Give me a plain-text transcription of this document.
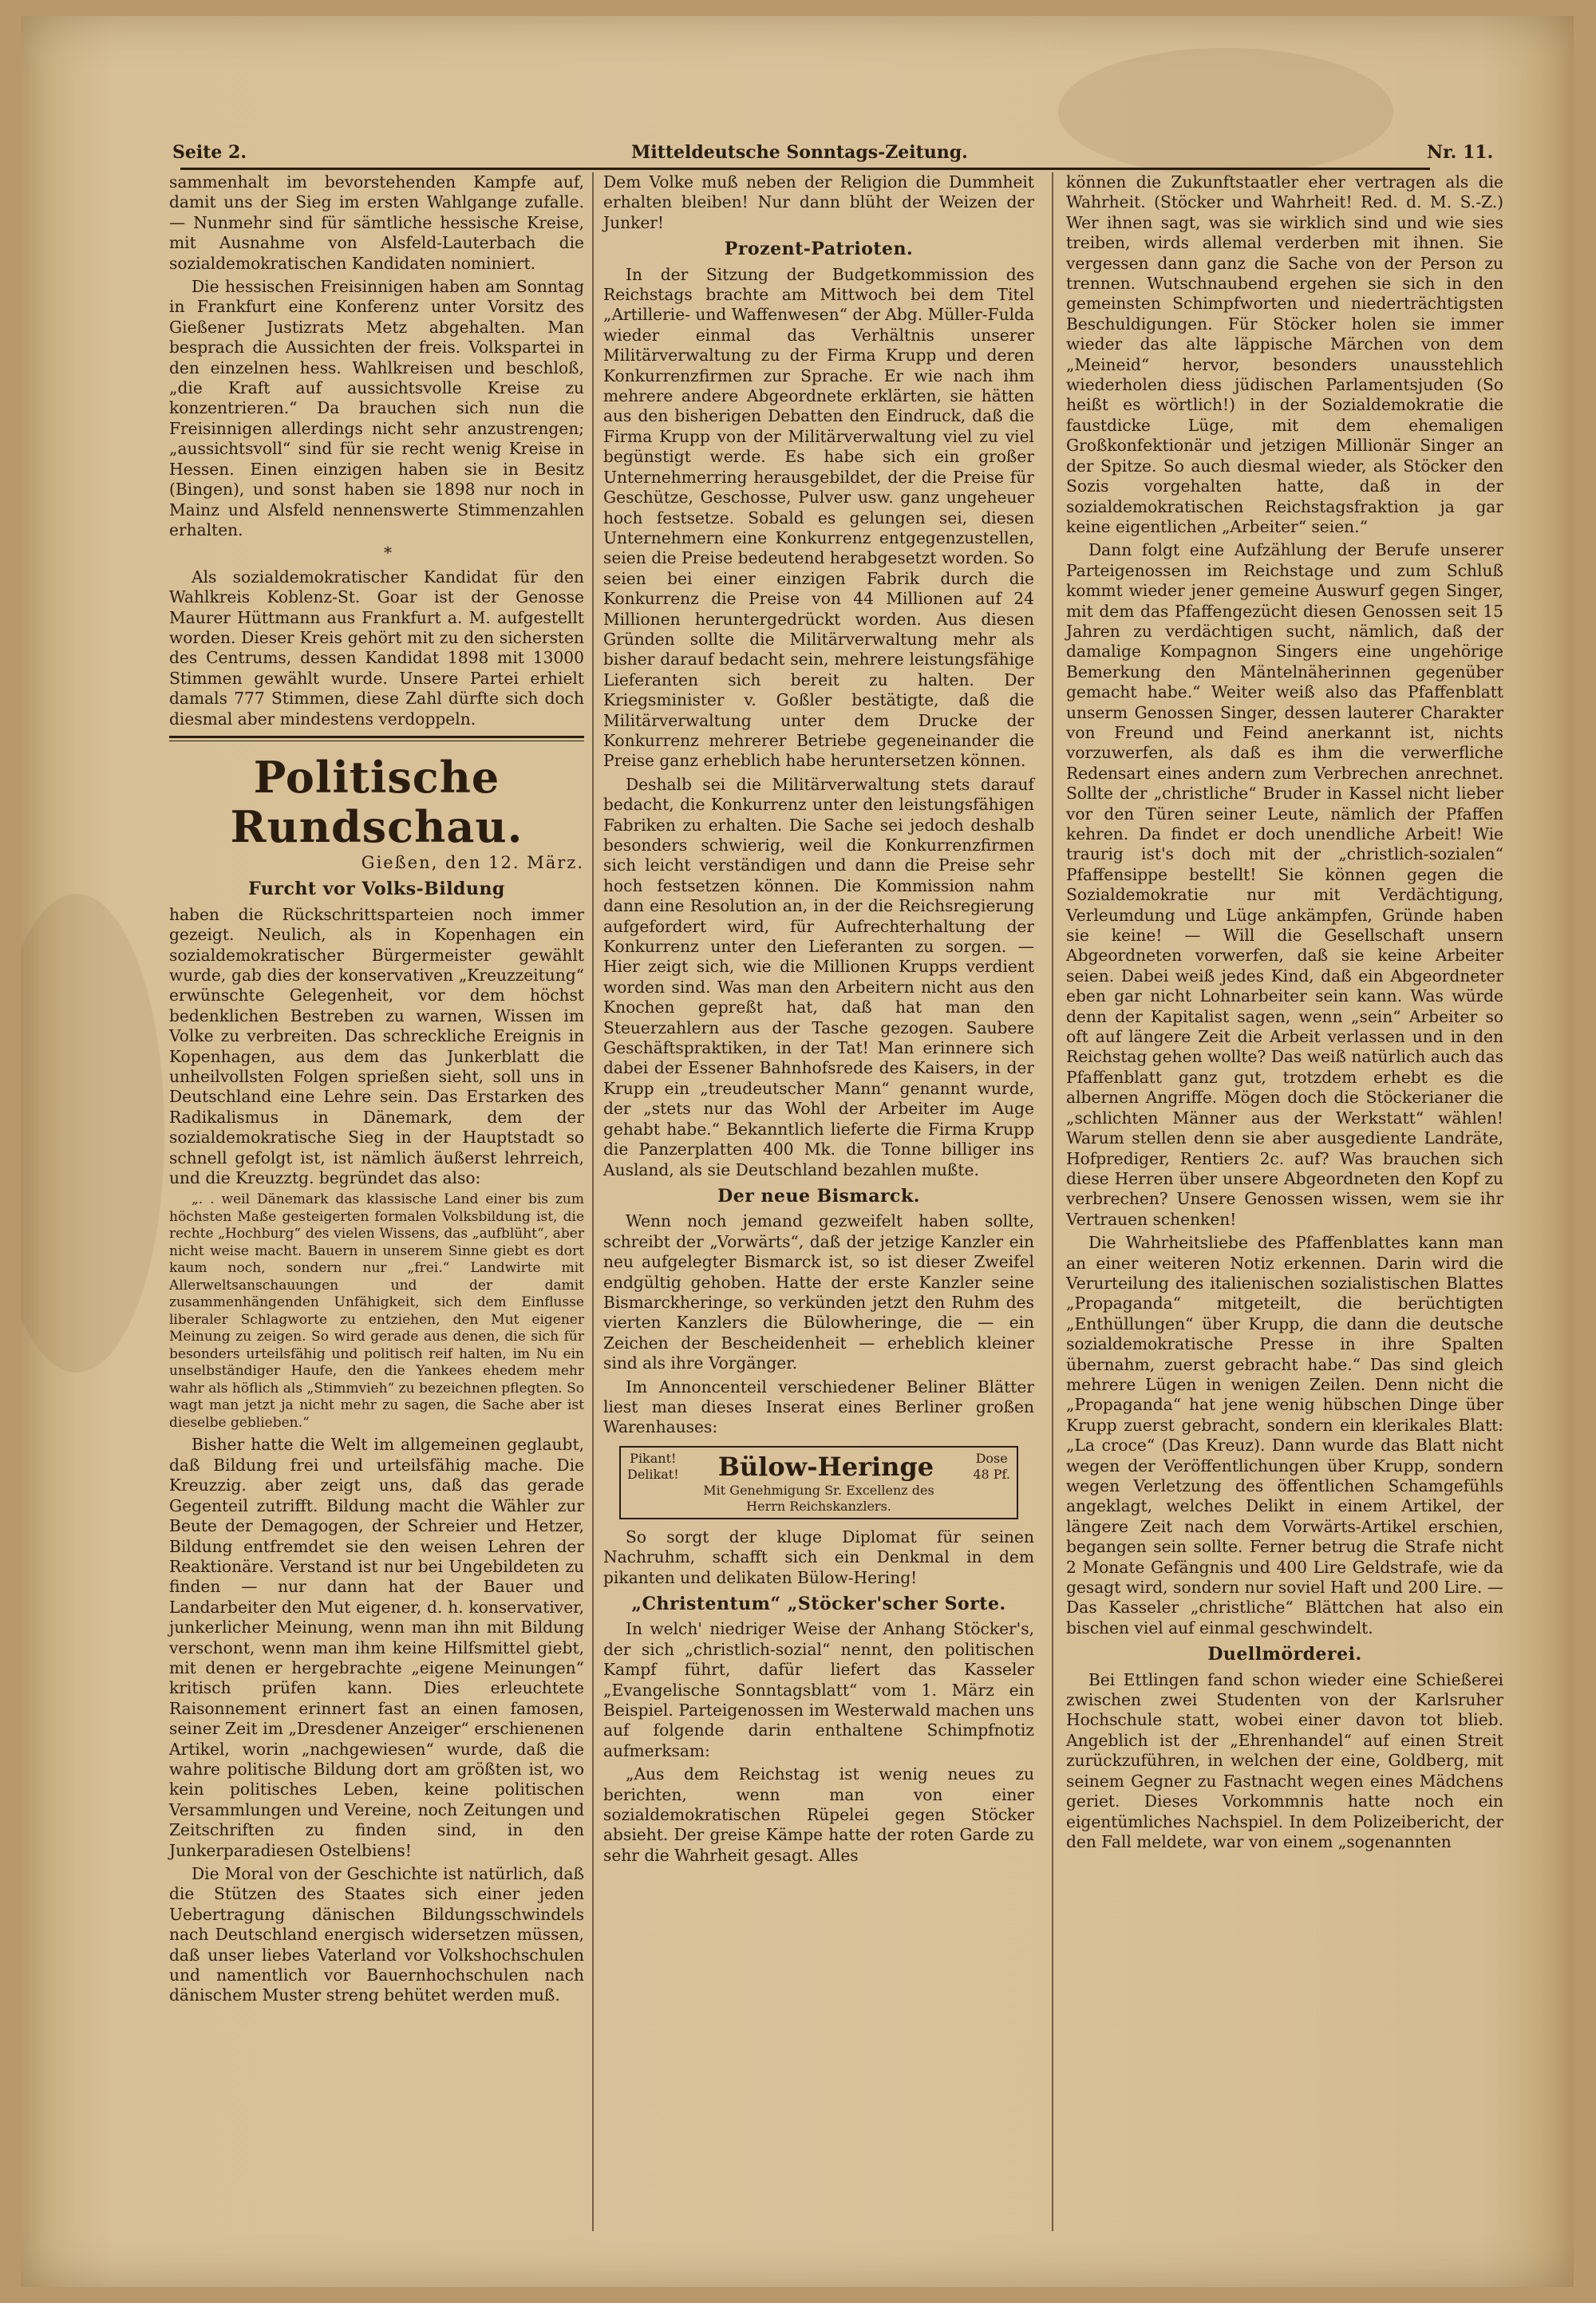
Seite 2.	Mitteldeutsche Sonntags-Zeitung.	Nr. 11.

sammenhalt im bevorstehenden Kampfe auf, damit uns der Sieg im ersten Wahlgange zufalle. — Nunmehr sind für sämtliche hessische Kreise, mit Ausnahme von Alsfeld-Lauterbach die sozialdemokratischen Kandidaten nominiert.

Die hessischen Freisinnigen haben am Sonntag in Frankfurt eine Konferenz unter Vorsitz des Gießener Justizrats Metz abgehalten. Man besprach die Aussichten der freis. Volkspartei in den einzelnen hess. Wahlkreisen und beschloß, „die Kraft auf aussichtsvolle Kreise zu konzentrieren.“ Da brauchen sich nun die Freisinnigen allerdings nicht sehr anzustrengen; „aussichtsvoll“ sind für sie recht wenig Kreise in Hessen. Einen einzigen haben sie in Besitz (Bingen), und sonst haben sie 1898 nur noch in Mainz und Alsfeld nennenswerte Stimmenzahlen erhalten.

*

Als sozialdemokratischer Kandidat für den Wahlkreis Koblenz-St. Goar ist der Genosse Maurer Hüttmann aus Frankfurt a. M. aufgestellt worden. Dieser Kreis gehört mit zu den sichersten des Centrums, dessen Kandidat 1898 mit 13000 Stimmen gewählt wurde. Unsere Partei erhielt damals 777 Stimmen, diese Zahl dürfte sich doch diesmal aber mindestens verdoppeln.

Politische Rundschau.
Gießen, den 12. März.
Furcht vor Volks-Bildung

haben die Rückschrittsparteien noch immer gezeigt. Neulich, als in Kopenhagen ein sozialdemokratischer Bürgermeister gewählt wurde, gab dies der konservativen „Kreuzzeitung“ erwünschte Gelegenheit, vor dem höchst bedenklichen Bestreben zu warnen, Wissen im Volke zu verbreiten. Das schreckliche Ereignis in Kopenhagen, aus dem das Junkerblatt die unheilvollsten Folgen sprießen sieht, soll uns in Deutschland eine Lehre sein. Das Erstarken des Radikalismus in Dänemark, dem der sozialdemokratische Sieg in der Hauptstadt so schnell gefolgt ist, ist nämlich äußerst lehrreich, und die Kreuzztg. begründet das also:

„. . weil Dänemark das klassische Land einer bis zum höchsten Maße gesteigerten formalen Volksbildung ist, die rechte „Hochburg“ des vielen Wissens, das „aufblüht“, aber nicht weise macht. Bauern in unserem Sinne giebt es dort kaum noch, sondern nur „frei.“ Landwirte mit Allerweltsanschauungen und der damit zusammenhängenden Unfähigkeit, sich dem Einflusse liberaler Schlagworte zu entziehen, den Mut eigener Meinung zu zeigen. So wird gerade aus denen, die sich für besonders urteilsfähig und politisch reif halten, im Nu ein unselbständiger Haufe, den die Yankees ehedem mehr wahr als höflich als „Stimmvieh“ zu bezeichnen pflegten. So wagt man jetzt ja nicht mehr zu sagen, die Sache aber ist dieselbe geblieben.“

Bisher hatte die Welt im allgemeinen geglaubt, daß Bildung frei und urteilsfähig mache. Die Kreuzzig. aber zeigt uns, daß das gerade Gegenteil zutrifft. Bildung macht die Wähler zur Beute der Demagogen, der Schreier und Hetzer, Bildung entfremdet sie den weisen Lehren der Reaktionäre. Verstand ist nur bei Ungebildeten zu finden — nur dann hat der Bauer und Landarbeiter den Mut eigener, d. h. konservativer, junkerlicher Meinung, wenn man ihn mit Bildung verschont, wenn man ihm keine Hilfsmittel giebt, mit denen er hergebrachte „eigene Meinungen“ kritisch prüfen kann. Dies erleuchtete Raisonnement erinnert fast an einen famosen, seiner Zeit im „Dresdener Anzeiger“ erschienenen Artikel, worin „nachgewiesen“ wurde, daß die wahre politische Bildung dort am größten ist, wo kein politisches Leben, keine politischen Versammlungen und Vereine, noch Zeitungen und Zeitschriften zu finden sind, in den Junkerparadiesen Ostelbiens!

Die Moral von der Geschichte ist natürlich, daß die Stützen des Staates sich einer jeden Uebertragung dänischen Bildungsschwindels nach Deutschland energisch widersetzen müssen, daß unser liebes Vaterland vor Volkshochschulen und namentlich vor Bauernhochschulen nach dänischem Muster streng behütet werden muß.

Dem Volke muß neben der Religion die Dummheit erhalten bleiben! Nur dann blüht der Weizen der Junker!

Prozent-Patrioten.

In der Sitzung der Budgetkommission des Reichstags brachte am Mittwoch bei dem Titel „Artillerie- und Waffenwesen“ der Abg. Müller-Fulda wieder einmal das Verhältnis unserer Militärverwaltung zu der Firma Krupp und deren Konkurrenzfirmen zur Sprache. Er wie nach ihm mehrere andere Abgeordnete erklärten, sie hätten aus den bisherigen Debatten den Eindruck, daß die Firma Krupp von der Militärverwaltung viel zu viel begünstigt werde. Es habe sich ein großer Unternehmerring herausgebildet, der die Preise für Geschütze, Geschosse, Pulver usw. ganz ungeheuer hoch festsetze. Sobald es gelungen sei, diesen Unternehmern eine Konkurrenz entgegenzustellen, seien die Preise bedeutend herabgesetzt worden. So seien bei einer einzigen Fabrik durch die Konkurrenz die Preise von 44 Millionen auf 24 Millionen heruntergedrückt worden. Aus diesen Gründen sollte die Militärverwaltung mehr als bisher darauf bedacht sein, mehrere leistungsfähige Lieferanten sich bereit zu halten. Der Kriegsminister v. Goßler bestätigte, daß die Militärverwaltung unter dem Drucke der Konkurrenz mehrerer Betriebe gegeneinander die Preise ganz erheblich habe heruntersetzen können.

Deshalb sei die Militärverwaltung stets darauf bedacht, die Konkurrenz unter den leistungsfähigen Fabriken zu erhalten. Die Sache sei jedoch deshalb besonders schwierig, weil die Konkurrenzfirmen sich leicht verständigen und dann die Preise sehr hoch festsetzen können. Die Kommission nahm dann eine Resolution an, in der die Reichsregierung aufgefordert wird, für Aufrechterhaltung der Konkurrenz unter den Lieferanten zu sorgen. — Hier zeigt sich, wie die Millionen Krupps verdient worden sind. Was man den Arbeitern nicht aus den Knochen gepreßt hat, daß hat man den Steuerzahlern aus der Tasche gezogen. Saubere Geschäftspraktiken, in der Tat! Man erinnere sich dabei der Essener Bahnhofsrede des Kaisers, in der Krupp ein „treudeutscher Mann“ genannt wurde, der „stets nur das Wohl der Arbeiter im Auge gehabt habe.“ Bekanntlich lieferte die Firma Krupp die Panzerplatten 400 Mk. die Tonne billiger ins Ausland, als sie Deutschland bezahlen mußte.

Der neue Bismarck.

Wenn noch jemand gezweifelt haben sollte, schreibt der „Vorwärts“, daß der jetzige Kanzler ein neu aufgelegter Bismarck ist, so ist dieser Zweifel endgültig gehoben. Hatte der erste Kanzler seine Bismarckheringe, so verkünden jetzt den Ruhm des vierten Kanzlers die Bülowheringe, die — ein Zeichen der Bescheidenheit — erheblich kleiner sind als ihre Vorgänger.

Im Annoncenteil verschiedener Beliner Blätter liest man dieses Inserat eines Berliner großen Warenhauses:

Pikant!
Delikat! Bülow-Heringe	Dose
48 Pf.
Mit Genehmigung Sr. Excellenz des
Herrn Reichskanzlers.

So sorgt der kluge Diplomat für seinen Nachruhm, schafft sich ein Denkmal in dem pikanten und delikaten Bülow-Hering!

„Christentum“ „Stöcker'scher Sorte.

In welch' niedriger Weise der Anhang Stöcker's, der sich „christlich-sozial“ nennt, den politischen Kampf führt, dafür liefert das Kasseler „Evangelische Sonntagsblatt“ vom 1. März ein Beispiel. Parteigenossen im Westerwald machen uns auf folgende darin enthaltene Schimpfnotiz aufmerksam:

„Aus dem Reichstag ist wenig neues zu berichten, wenn man von einer sozialdemokratischen Rüpelei gegen Stöcker absieht. Der greise Kämpe hatte der roten Garde zu sehr die Wahrheit gesagt. Alles

können die Zukunftstaatler eher vertragen als die Wahrheit. (Stöcker und Wahrheit! Red. d. M. S.-Z.) Wer ihnen sagt, was sie wirklich sind und wie sies treiben, wirds allemal verderben mit ihnen. Sie vergessen dann ganz die Sache von der Person zu trennen. Wutschnaubend ergehen sie sich in den gemeinsten Schimpfworten und niederträchtigsten Beschuldigungen. Für Stöcker holen sie immer wieder das alte läppische Märchen von dem „Meineid“ hervor, besonders unausstehlich wiederholen diess jüdischen Parlamentsjuden (So heißt es wörtlich!) in der Sozialdemokratie die faustdicke Lüge, mit dem ehemaligen Großkonfektionär und jetzigen Millionär Singer an der Spitze. So auch diesmal wieder, als Stöcker den Sozis vorgehalten hatte, daß in der sozialdemokratischen Reichstagsfraktion ja gar keine eigentlichen „Arbeiter“ seien.“

Dann folgt eine Aufzählung der Berufe unserer Parteigenossen im Reichstage und zum Schluß kommt wieder jener gemeine Auswurf gegen Singer, mit dem das Pfaffengezücht diesen Genossen seit 15 Jahren zu verdächtigen sucht, nämlich, daß der damalige Kompagnon Singers eine ungehörige Bemerkung den Mäntelnäherinnen gegenüber gemacht habe.“ Weiter weiß also das Pfaffenblatt unserm Genossen Singer, dessen lauterer Charakter von Freund und Feind anerkannt ist, nichts vorzuwerfen, als daß es ihm die verwerfliche Redensart eines andern zum Verbrechen anrechnet. Sollte der „christliche“ Bruder in Kassel nicht lieber vor den Türen seiner Leute, nämlich der Pfaffen kehren. Da findet er doch unendliche Arbeit! Wie traurig ist's doch mit der „christlich-sozialen“ Pfaffensippe bestellt! Sie können gegen die Sozialdemokratie nur mit Verdächtigung, Verleumdung und Lüge ankämpfen, Gründe haben sie keine! — Will die Gesellschaft unsern Abgeordneten vorwerfen, daß sie keine Arbeiter seien. Dabei weiß jedes Kind, daß ein Abgeordneter eben gar nicht Lohnarbeiter sein kann. Was würde denn der Kapitalist sagen, wenn „sein“ Arbeiter so oft auf längere Zeit die Arbeit verlassen und in den Reichstag gehen wollte? Das weiß natürlich auch das Pfaffenblatt ganz gut, trotzdem erhebt es die albernen Angriffe. Mögen doch die Stöckerianer die „schlichten Männer aus der Werkstatt“ wählen! Warum stellen denn sie aber ausgediente Landräte, Hofprediger, Rentiers 2c. auf? Was brauchen sich diese Herren über unsere Abgeordneten den Kopf zu verbrechen? Unsere Genossen wissen, wem sie ihr Vertrauen schenken!

Die Wahrheitsliebe des Pfaffenblattes kann man an einer weiteren Notiz erkennen. Darin wird die Verurteilung des italienischen sozialistischen Blattes „Propaganda“ mitgeteilt, die berüchtigten „Enthüllungen“ über Krupp, die dann die deutsche sozialdemokratische Presse in ihre Spalten übernahm, zuerst gebracht habe.“ Das sind gleich mehrere Lügen in wenigen Zeilen. Denn nicht die „Propaganda“ hat jene wenig hübschen Dinge über Krupp zuerst gebracht, sondern ein klerikales Blatt: „La croce“ (Das Kreuz). Dann wurde das Blatt nicht wegen der Veröffentlichungen über Krupp, sondern wegen Verletzung des öffentlichen Schamgefühls angeklagt, welches Delikt in einem Artikel, der längere Zeit nach dem Vorwärts-Artikel erschien, begangen sein sollte. Ferner betrug die Strafe nicht 2 Monate Gefängnis und 400 Lire Geldstrafe, wie da gesagt wird, sondern nur soviel Haft und 200 Lire. — Das Kasseler „christliche“ Blättchen hat also ein bischen viel auf einmal geschwindelt.

Duellmörderei.

Bei Ettlingen fand schon wieder eine Schießerei zwischen zwei Studenten von der Karlsruher Hochschule statt, wobei einer davon tot blieb. Angeblich ist der „Ehrenhandel“ auf einen Streit zurückzuführen, in welchen der eine, Goldberg, mit seinem Gegner zu Fastnacht wegen eines Mädchens geriet. Dieses Vorkommnis hatte noch ein eigentümliches Nachspiel. In dem Polizeibericht, der den Fall meldete, war von einem „sogenannten
